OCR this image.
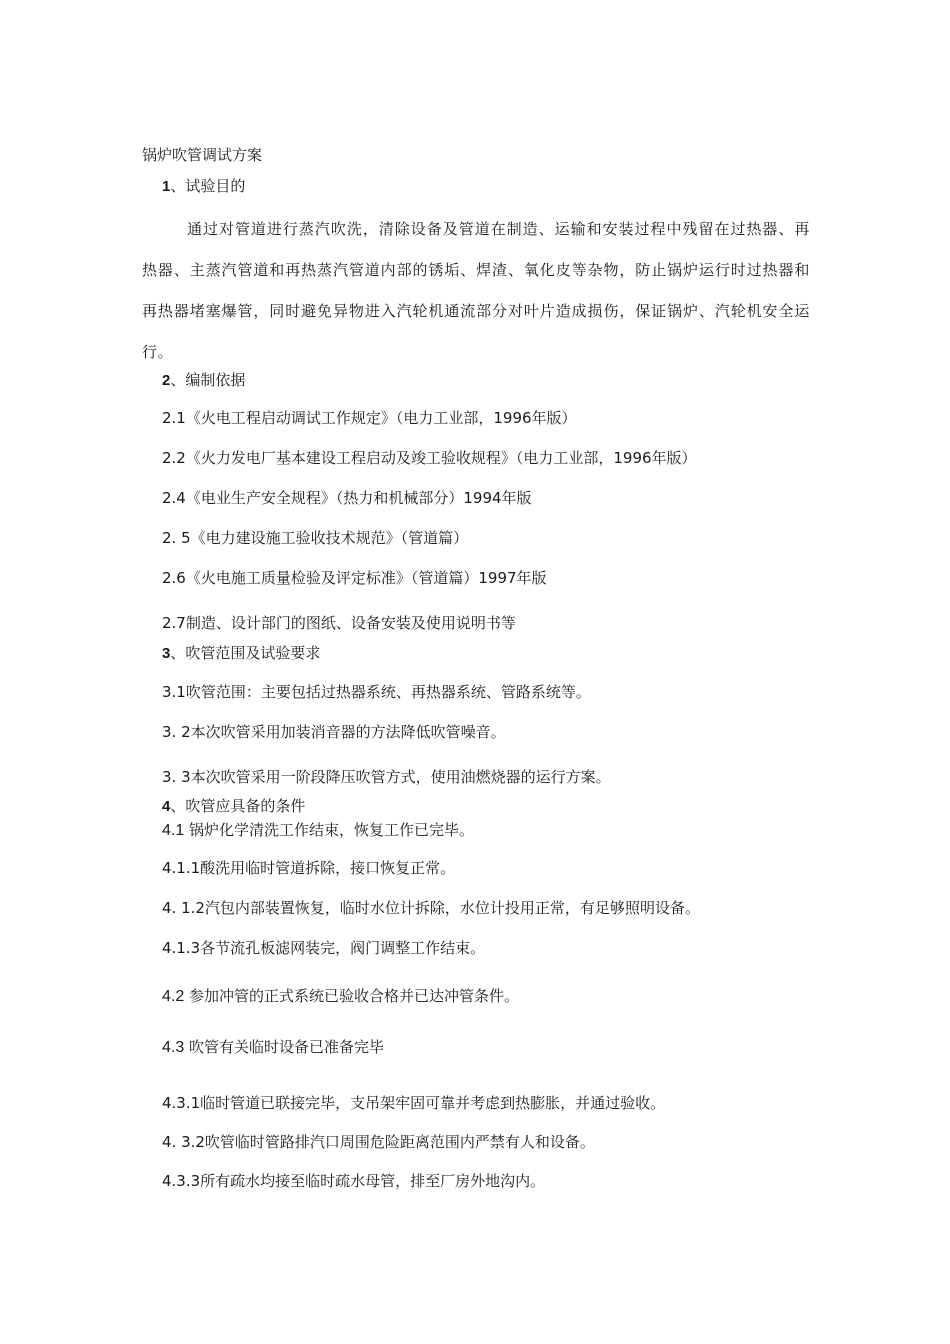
锅炉吹管调试方案
1、试验目的
通过对管道进行蒸汽吹洗，清除设备及管道在制造、运输和安装过程中残留在过热器、再热器、主蒸汽管道和再热蒸汽管道内部的锈垢、焊渣、氧化皮等杂物，防止锅炉运行时过热器和再热器堵塞爆管，同时避免异物进入汽轮机通流部分对叶片造成损伤，保证锅炉、汽轮机安全运行。
2、编制依据
2.1《火电工程启动调试工作规定》（电力工业部，1996年版）
2.2《火力发电厂基本建设工程启动及竣工验收规程》（电力工业部，1996年版）
2.4《电业生产安全规程》（热力和机械部分）1994年版
2. 5《电力建设施工验收技术规范》（管道篇）
2.6《火电施工质量检验及评定标准》（管道篇）1997年版
2.7制造、设计部门的图纸、设备安装及使用说明书等
3、吹管范围及试验要求
3.1吹管范围：主要包括过热器系统、再热器系统、管路系统等。
3. 2本次吹管采用加装消音器的方法降低吹管噪音。
3. 3本次吹管采用一阶段降压吹管方式，使用油燃烧器的运行方案。
4、吹管应具备的条件
4.1 锅炉化学清洗工作结束，恢复工作已完毕。
4.1.1酸洗用临时管道拆除，接口恢复正常。
4. 1.2汽包内部装置恢复，临时水位计拆除，水位计投用正常，有足够照明设备。
4.1.3各节流孔板滤网装完，阀门调整工作结束。
4.2 参加冲管的正式系统已验收合格并已达冲管条件。
4.3 吹管有关临时设备已准备完毕
4.3.1临时管道已联接完毕，支吊架牢固可靠并考虑到热膨胀，并通过验收。
4. 3.2吹管临时管路排汽口周围危险距离范围内严禁有人和设备。
4.3.3所有疏水均接至临时疏水母管，排至厂房外地沟内。
